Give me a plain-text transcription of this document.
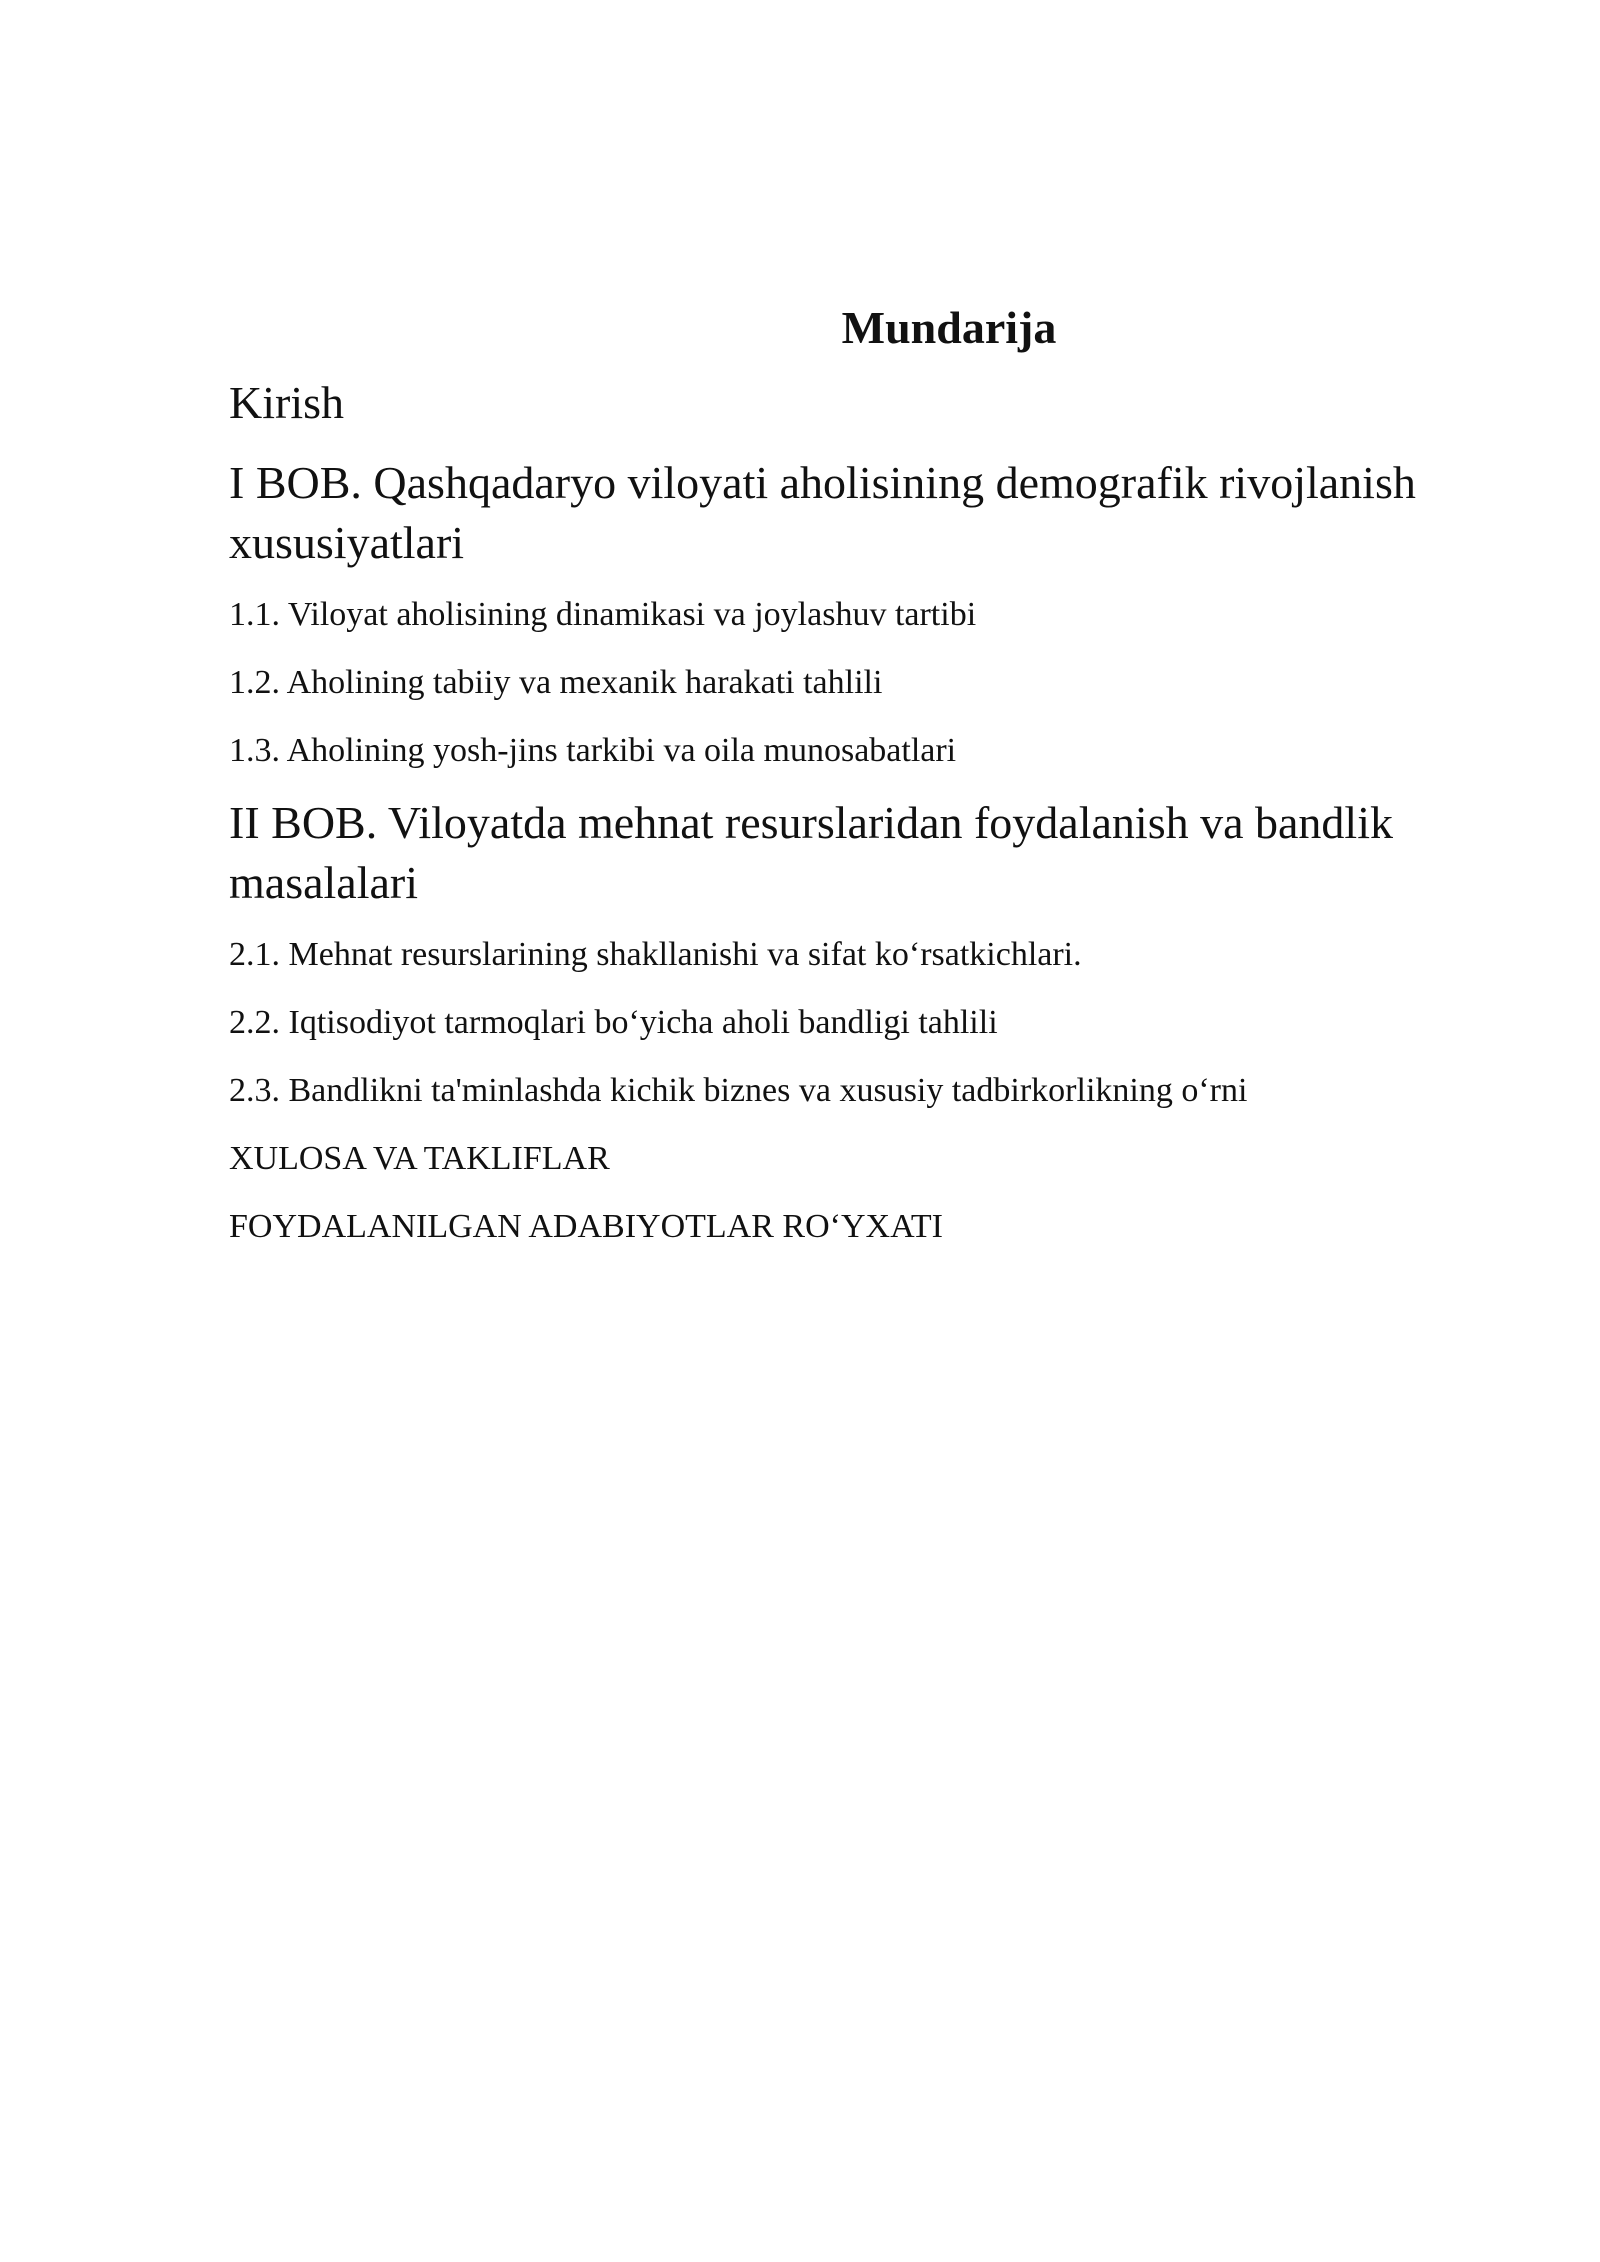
Mundarija
Kirish
I BOB. Qashqadaryo viloyati aholisining demografik rivojlanish xususiyatlari
1.1. Viloyat aholisining dinamikasi va joylashuv tartibi
1.2. Aholining tabiiy va mexanik harakati tahlili
1.3. Aholining yosh-jins tarkibi va oila munosabatlari
II BOB. Viloyatda mehnat resurslaridan foydalanish va bandlik masalalari
2.1. Mehnat resurslarining shakllanishi va sifat ko‘rsatkichlari.
2.2. Iqtisodiyot tarmoqlari bo‘yicha aholi bandligi tahlili
2.3. Bandlikni ta'minlashda kichik biznes va xususiy tadbirkorlikning o‘rni
XULOSA VA TAKLIFLAR
FOYDALANILGAN ADABIYOTLAR RO‘YXATI
